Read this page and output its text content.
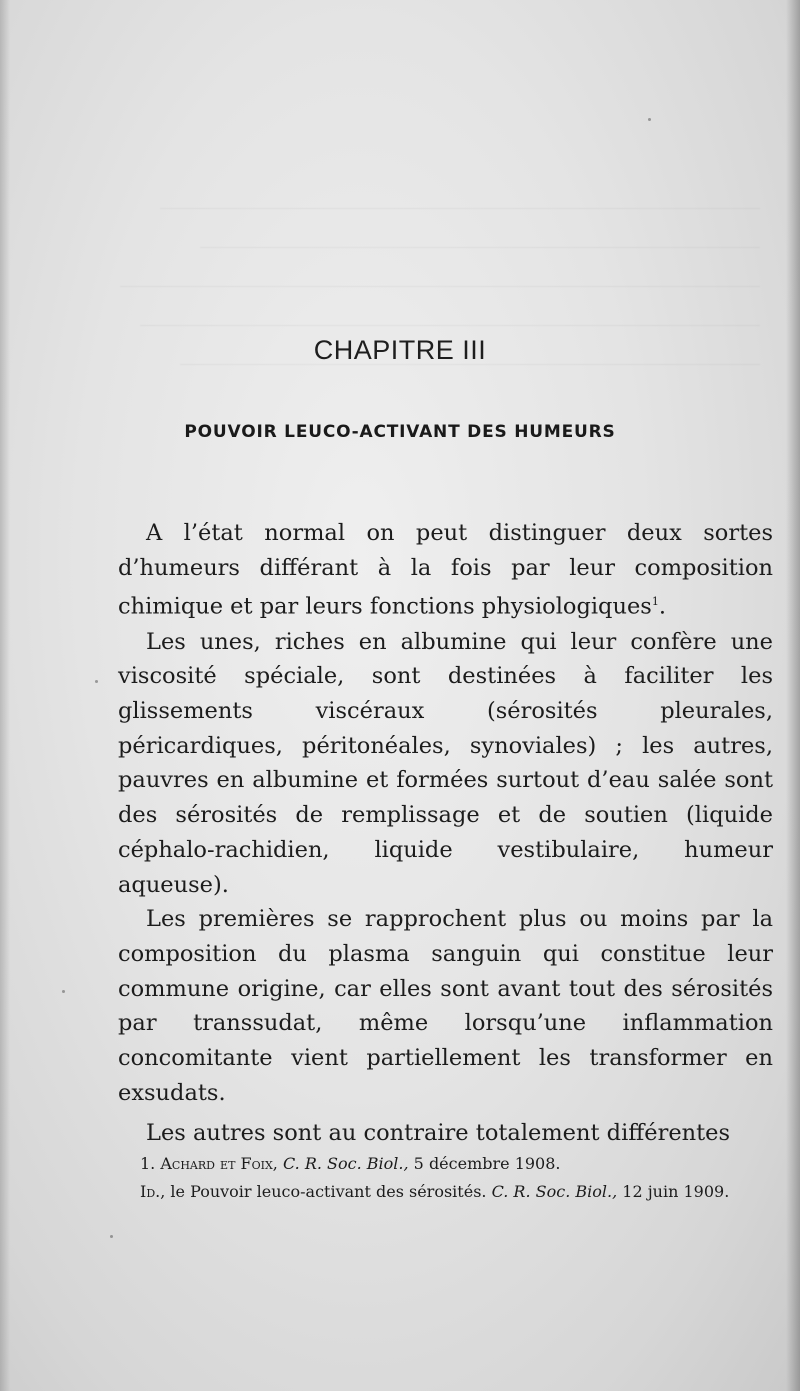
CHAPITRE III
POUVOIR LEUCO-ACTIVANT DES HUMEURS

A l’état normal on peut distinguer deux sortes d’humeurs différant à la fois par leur composition chimique et par leurs fonctions physiologiques$^1$.

Les unes, riches en albumine qui leur confère une viscosité spéciale, sont destinées à faciliter les glissements viscéraux (sérosités pleurales, péricardiques, péritonéales, synoviales) ; les autres, pauvres en albumine et formées surtout d’eau salée sont des sérosités de remplissage et de soutien (liquide céphalo-rachidien, liquide vestibulaire, humeur aqueuse).

Les premières se rapprochent plus ou moins par la composition du plasma sanguin qui constitue leur commune origine, car elles sont avant tout des sérosités par transsudat, même lorsqu’une inflammation concomitante vient partiellement les transformer en exsudats.

Les autres sont au contraire totalement différentes

1. Achard et Foix, C. R. Soc. Biol., 5 décembre 1908.

Id., le Pouvoir leuco-activant des sérosités. C. R. Soc. Biol., 12 juin 1909.
